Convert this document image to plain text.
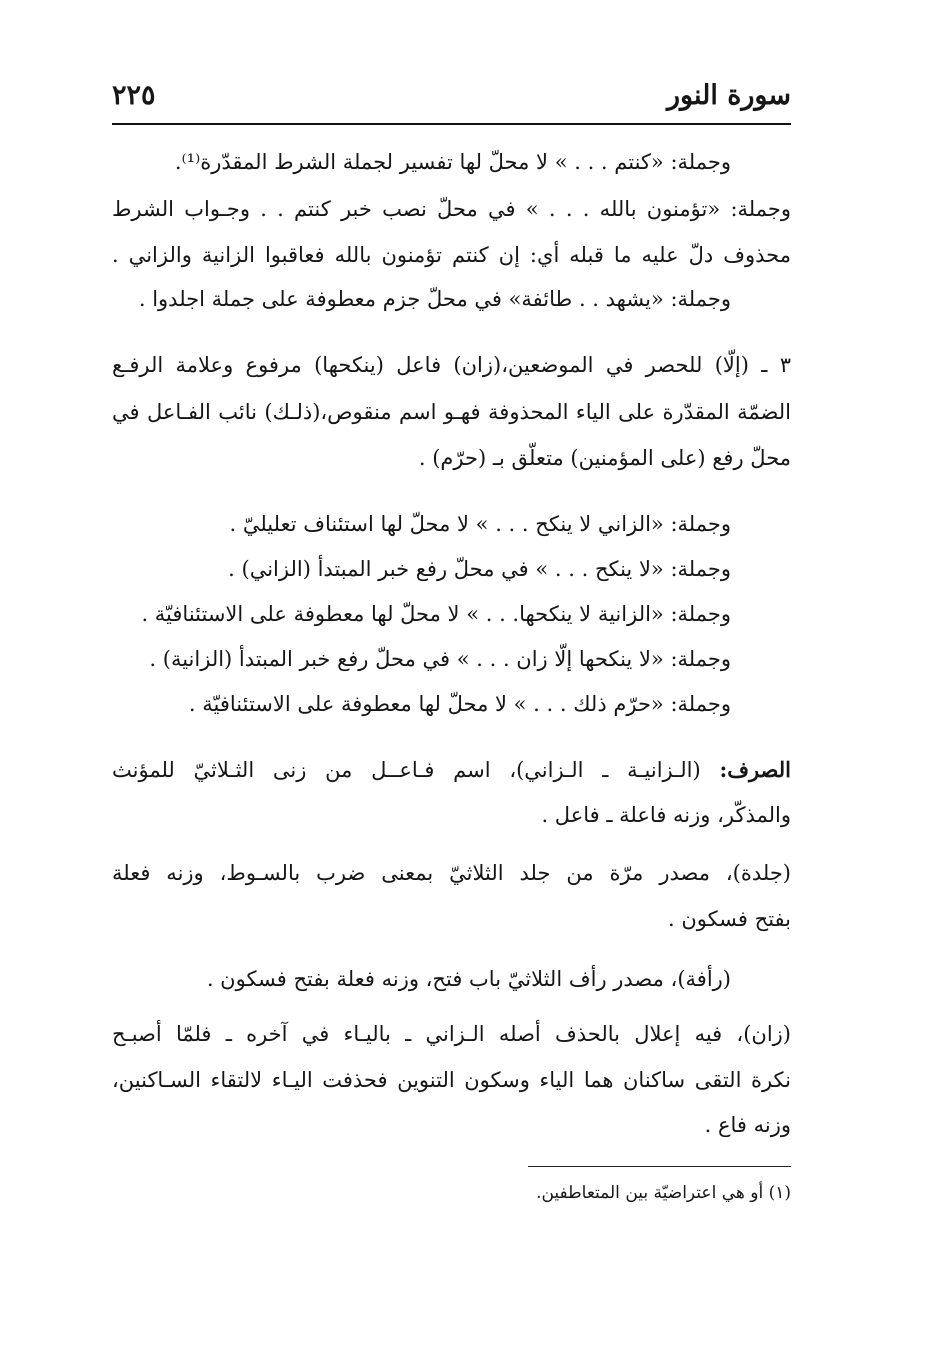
سورة النور
٢٢٥
وجملة: «كنتم . . . » لا محلّ لها تفسير لجملة الشرط المقدّرة⁽¹⁾.
وجملة: «تؤمنون بالله . . . » في محلّ نصب خبر كنتم . . وجـواب الشرط
محذوف دلّ عليه ما قبله أي: إن كنتم تؤمنون بالله فعاقبوا الزانية والزاني .
وجملة: «يشهد . . طائفة» في محلّ جزم معطوفة على جملة اجلدوا .
٣ ـ (إلّا) للحصر في الموضعين،(زان) فاعل (ينكحها) مرفوع وعلامة الرفـع
الضمّة المقدّرة على الياء المحذوفة فهـو اسم منقوص،(ذلـك) نائب الفـاعل في
محلّ رفع (على المؤمنين) متعلّق بـ (حرّم) .
وجملة: «الزاني لا ينكح . . . » لا محلّ لها استئناف تعليليّ .
وجملة: «لا ينكح . . . » في محلّ رفع خبر المبتدأ (الزاني) .
وجملة: «الزانية لا ينكحها. . . » لا محلّ لها معطوفة على الاستئنافيّة .
وجملة: «لا ينكحها إلّا زان . . . » في محلّ رفع خبر المبتدأ (الزانية) .
وجملة: «حرّم ذلك . . . » لا محلّ لها معطوفة على الاستئنافيّة .
الصرف: (الـزانيـة ـ الـزاني)، اسم فـاعــل من زنى الثـلاثيّ للمؤنث
والمذكّر، وزنه فاعلة ـ فاعل .
(جلدة)، مصدر مرّة من جلد الثلاثيّ بمعنى ضرب بالسـوط، وزنه فعلة
بفتح فسكون .
(رأفة)، مصدر رأف الثلاثيّ باب فتح، وزنه فعلة بفتح فسكون .
(زان)، فيه إعلال بالحذف أصله الـزاني ـ باليـاء في آخره ـ فلمّا أصبـح
نكرة التقى ساكنان هما الياء وسكون التنوين فحذفت اليـاء لالتقاء السـاكنين،
وزنه فاع .
(١) أو هي اعتراضيّة بين المتعاطفين.
